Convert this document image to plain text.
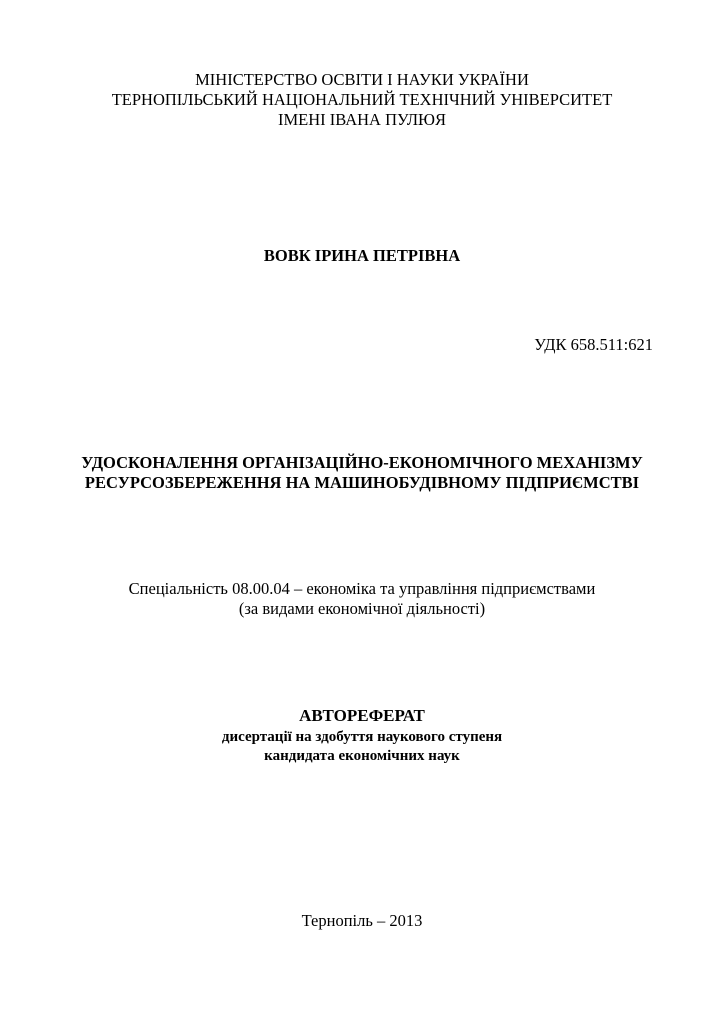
МІНІСТЕРСТВО ОСВІТИ І НАУКИ УКРАЇНИ
ТЕРНОПІЛЬСЬКИЙ НАЦІОНАЛЬНИЙ ТЕХНІЧНИЙ УНІВЕРСИТЕТ
ІМЕНІ ІВАНА ПУЛЮЯ
ВОВК ІРИНА ПЕТРІВНА
УДК 658.511:621
УДОСКОНАЛЕННЯ ОРГАНІЗАЦІЙНО-ЕКОНОМІЧНОГО МЕХАНІЗМУ
РЕСУРСОЗБЕРЕЖЕННЯ НА МАШИНОБУДІВНОМУ ПІДПРИЄМСТВІ
Спеціальність 08.00.04 – економіка та управління підприємствами
(за видами економічної діяльності)
АВТОРЕФЕРАТ
дисертації на здобуття наукового ступеня
кандидата економічних наук
Тернопіль – 2013
